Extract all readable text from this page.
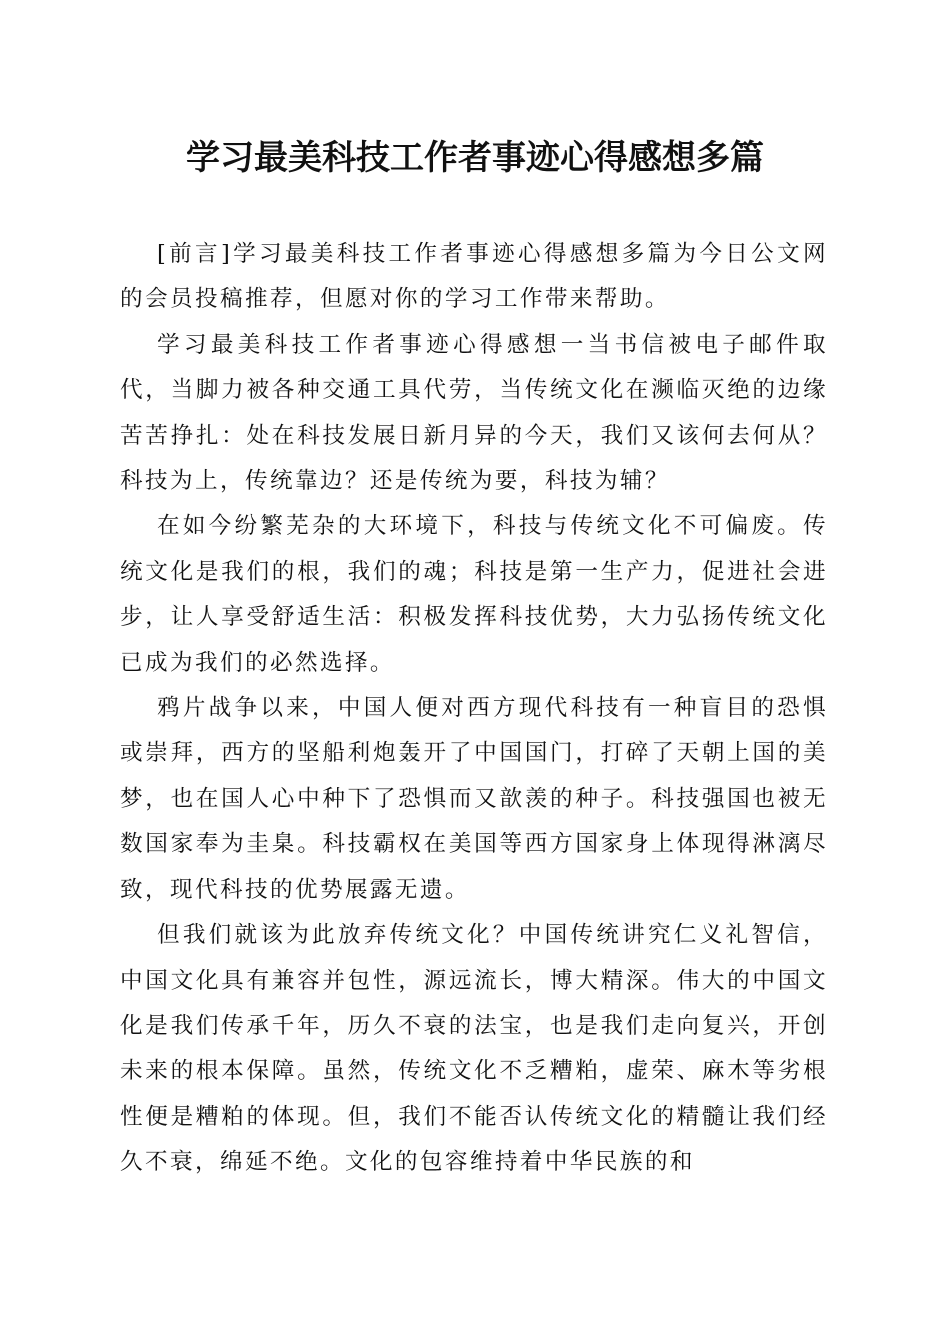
学习最美科技工作者事迹心得感想多篇

[前言]学习最美科技工作者事迹心得感想多篇为今日公文网的会员投稿推荐，但愿对你的学习工作带来帮助。

学习最美科技工作者事迹心得感想一当书信被电子邮件取代，当脚力被各种交通工具代劳，当传统文化在濒临灭绝的边缘苦苦挣扎：处在科技发展日新月异的今天，我们又该何去何从？科技为上，传统靠边？还是传统为要，科技为辅？

在如今纷繁芜杂的大环境下，科技与传统文化不可偏废。传统文化是我们的根，我们的魂；科技是第一生产力，促进社会进步，让人享受舒适生活：积极发挥科技优势，大力弘扬传统文化已成为我们的必然选择。

鸦片战争以来，中国人便对西方现代科技有一种盲目的恐惧或崇拜，西方的坚船利炮轰开了中国国门，打碎了天朝上国的美梦，也在国人心中种下了恐惧而又歆羡的种子。科技强国也被无数国家奉为圭臬。科技霸权在美国等西方国家身上体现得淋漓尽致，现代科技的优势展露无遗。

但我们就该为此放弃传统文化？中国传统讲究仁义礼智信，中国文化具有兼容并包性，源远流长，博大精深。伟大的中国文化是我们传承千年，历久不衰的法宝，也是我们走向复兴，开创未来的根本保障。虽然，传统文化不乏糟粕，虚荣、麻木等劣根性便是糟粕的体现。但，我们不能否认传统文化的精髓让我们经久不衰，绵延不绝。文化的包容维持着中华民族的和
